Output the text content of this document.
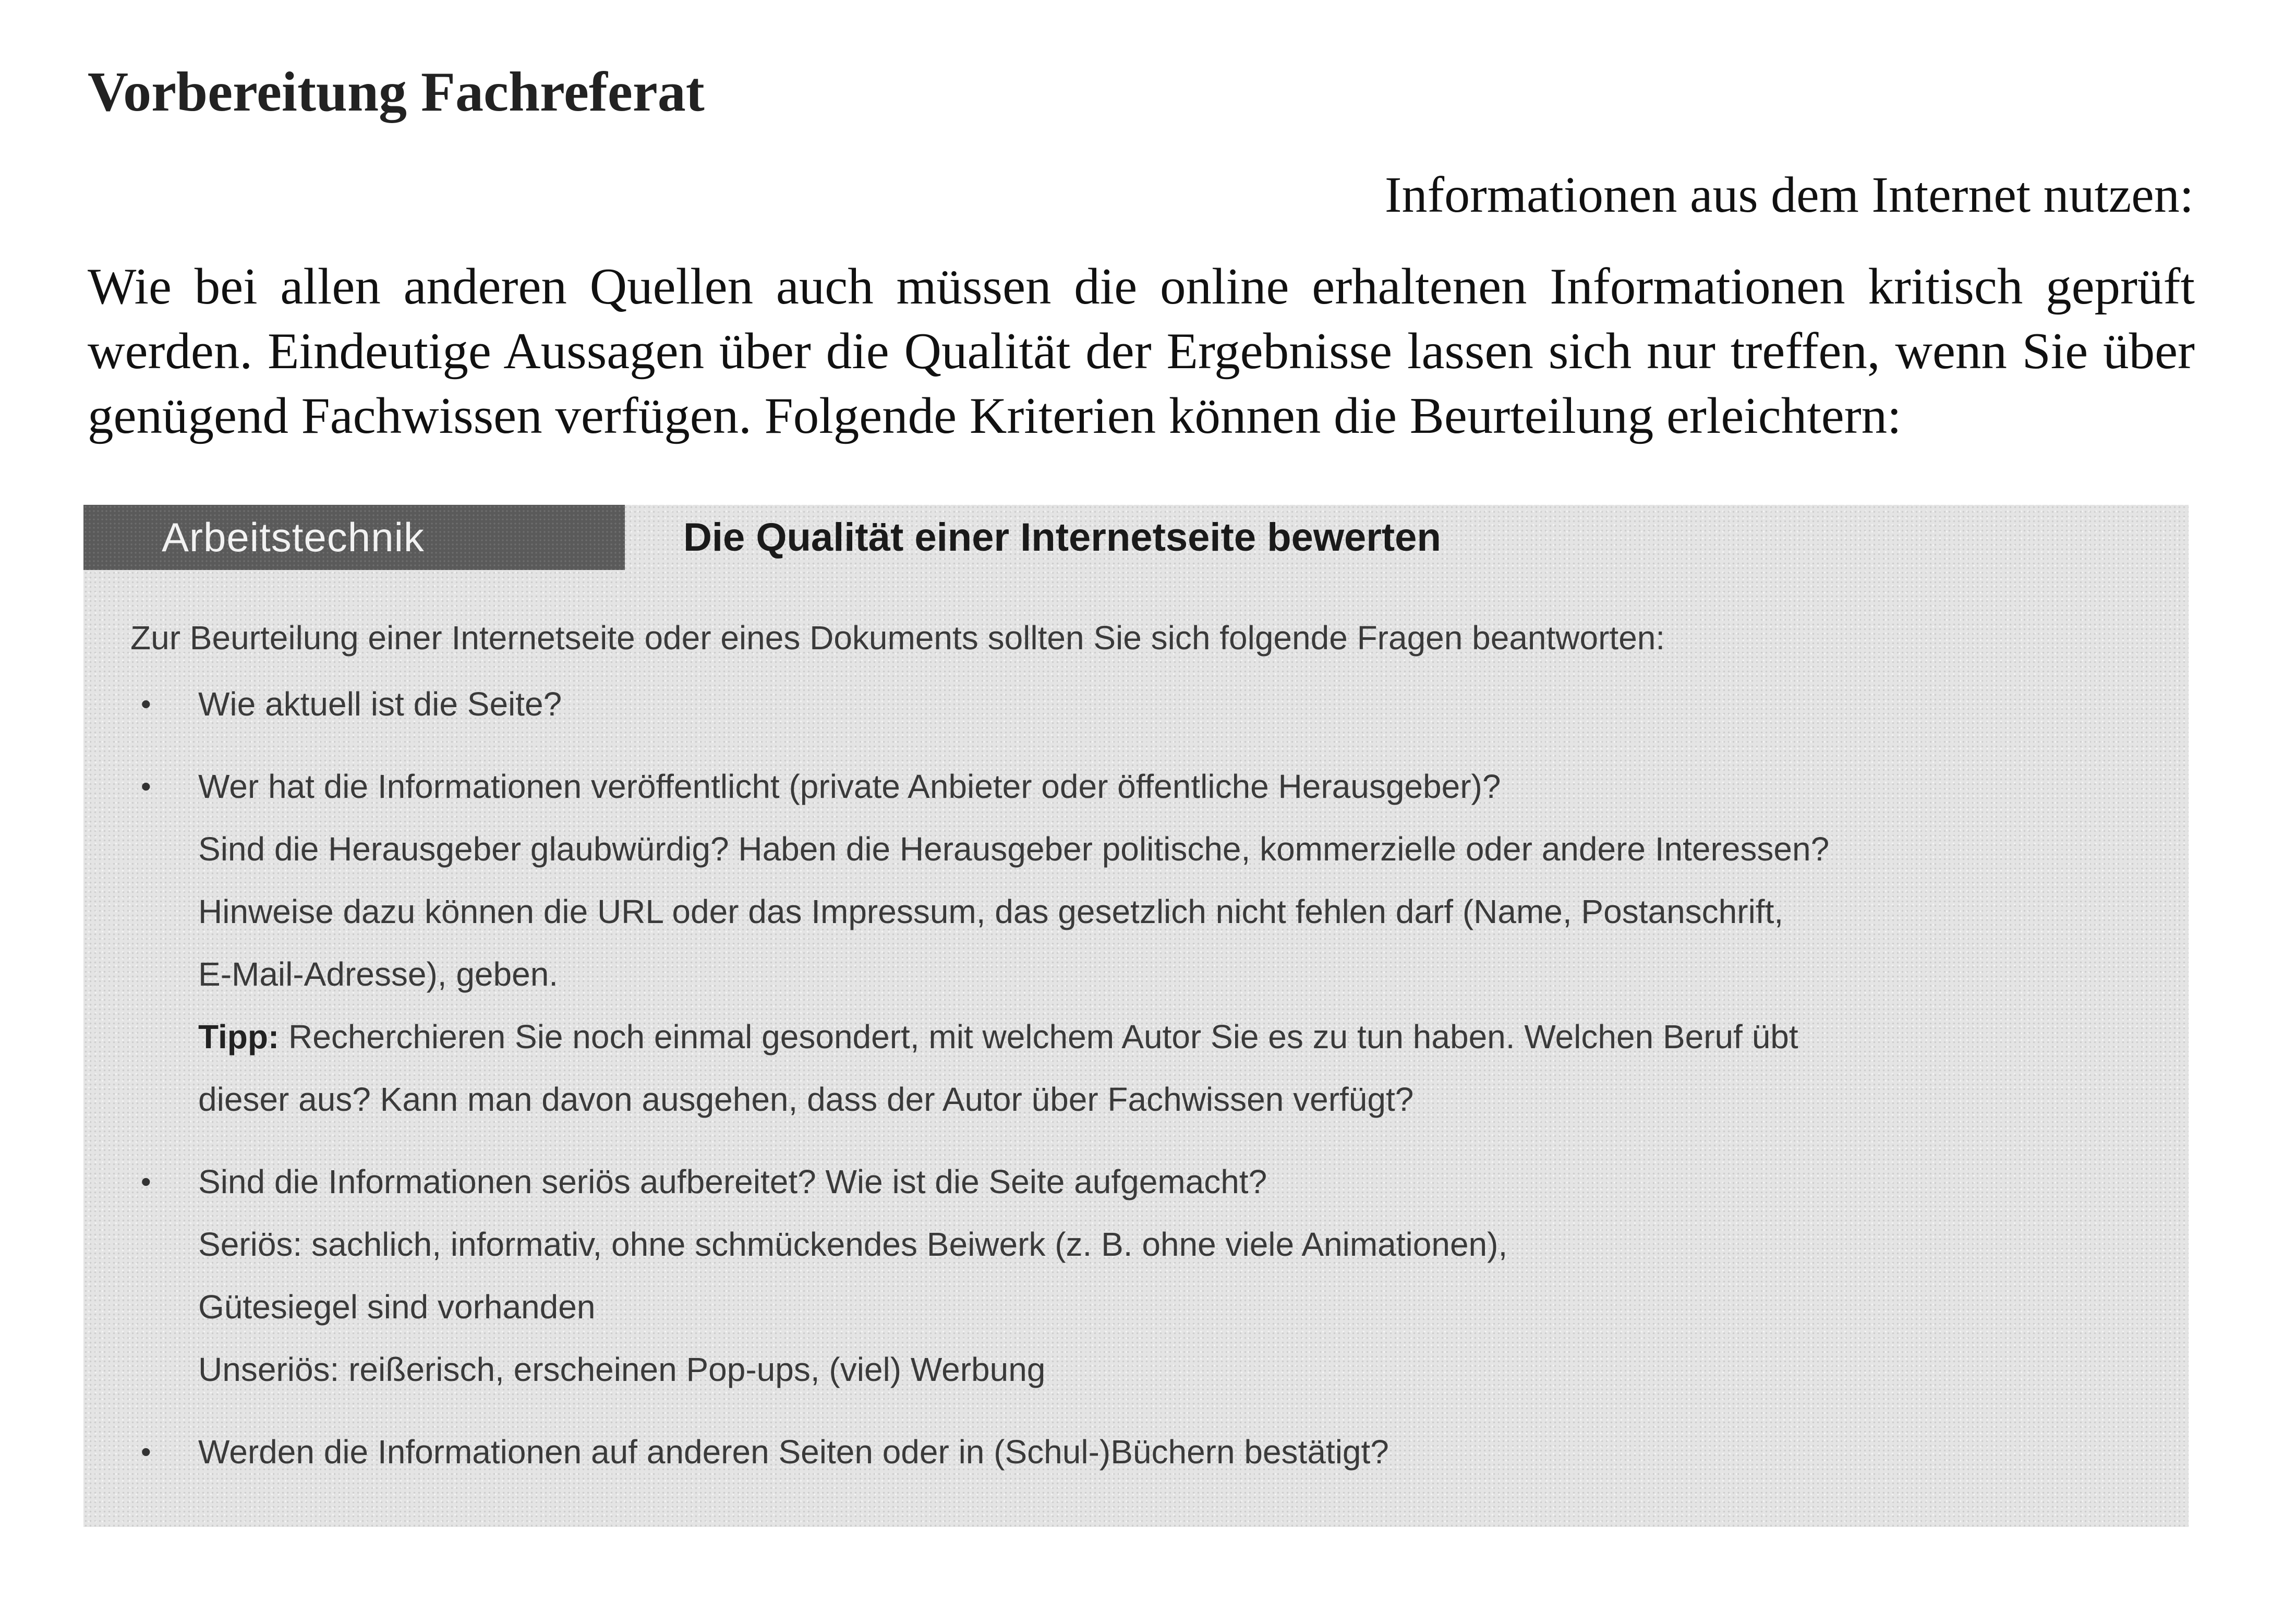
Vorbereitung Fachreferat
Informationen aus dem Internet nutzen:

Wie bei allen anderen Quellen auch müssen die online erhaltenen Informationen kritisch geprüft werden. Eindeutige Aussagen über die Qualität der Ergebnisse lassen sich nur treffen, wenn Sie über genügend Fachwissen verfügen. Folgende Kriterien können die Beurteilung erleichtern:

Arbeitstechnik	Die Qualität einer Internetseite bewerten

Zur Beurteilung einer Internetseite oder eines Dokuments sollten Sie sich folgende Fragen beantworten:

• Wie aktuell ist die Seite?
• Wer hat die Informationen veröffentlicht (private Anbieter oder öffentliche Herausgeber)?
Sind die Herausgeber glaubwürdig? Haben die Herausgeber politische, kommerzielle oder andere Interessen?
Hinweise dazu können die URL oder das Impressum, das gesetzlich nicht fehlen darf (Name, Postanschrift,
E-Mail-Adresse), geben.
Tipp: Recherchieren Sie noch einmal gesondert, mit welchem Autor Sie es zu tun haben. Welchen Beruf übt
dieser aus? Kann man davon ausgehen, dass der Autor über Fachwissen verfügt?
• Sind die Informationen seriös aufbereitet? Wie ist die Seite aufgemacht?
Seriös: sachlich, informativ, ohne schmückendes Beiwerk (z. B. ohne viele Animationen),
Gütesiegel sind vorhanden
Unseriös: reißerisch, erscheinen Pop-ups, (viel) Werbung
• Werden die Informationen auf anderen Seiten oder in (Schul-)Büchern bestätigt?
